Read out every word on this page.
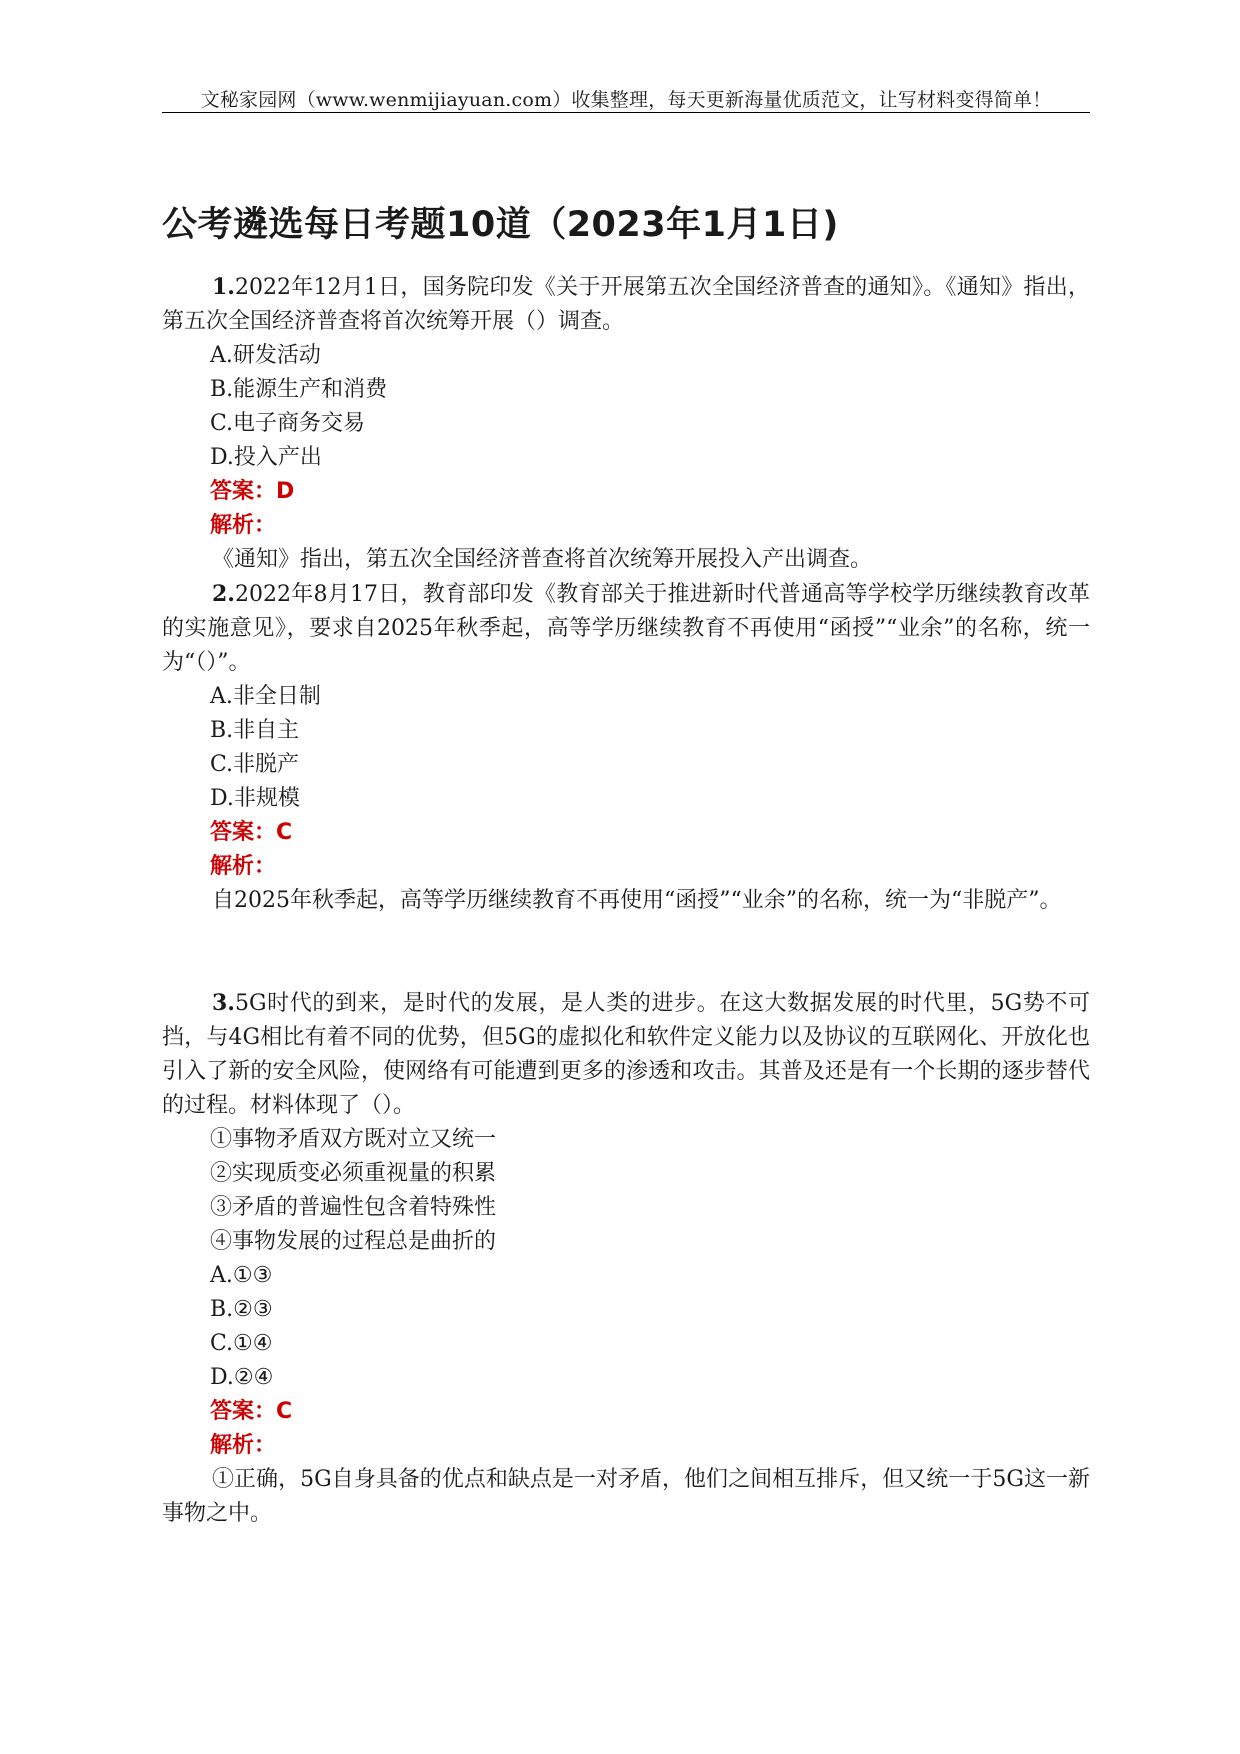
文秘家园网（www.wenmijiayuan.com）收集整理，每天更新海量优质范文，让写材料变得简单！
公考遴选每日考题10道（2023年1月1日)

1.2022年12月1日，国务院印发《关于开展第五次全国经济普查的通知》。《通知》指出，第五次全国经济普查将首次统筹开展（）调查。

A.研发活动

B.能源生产和消费

C.电子商务交易

D.投入产出

答案：D

解析：

《通知》指出，第五次全国经济普查将首次统筹开展投入产出调查。

2.2022年8月17日，教育部印发《教育部关于推进新时代普通高等学校学历继续教育改革的实施意见》，要求自2025年秋季起，高等学历继续教育不再使用“函授”“业余”的名称，统一为“（）”。

A.非全日制

B.非自主

C.非脱产

D.非规模

答案：C

解析：

自2025年秋季起，高等学历继续教育不再使用“函授”“业余”的名称，统一为“非脱产”。

3.5G时代的到来，是时代的发展，是人类的进步。在这大数据发展的时代里，5G势不可挡，与4G相比有着不同的优势，但5G的虚拟化和软件定义能力以及协议的互联网化、开放化也引入了新的安全风险，使网络有可能遭到更多的渗透和攻击。其普及还是有一个长期的逐步替代的过程。材料体现了（）。

①事物矛盾双方既对立又统一

②实现质变必须重视量的积累

③矛盾的普遍性包含着特殊性

④事物发展的过程总是曲折的

A.①③

B.②③

C.①④

D.②④

答案：C

解析：

①正确，5G自身具备的优点和缺点是一对矛盾，他们之间相互排斥，但又统一于5G这一新事物之中。
